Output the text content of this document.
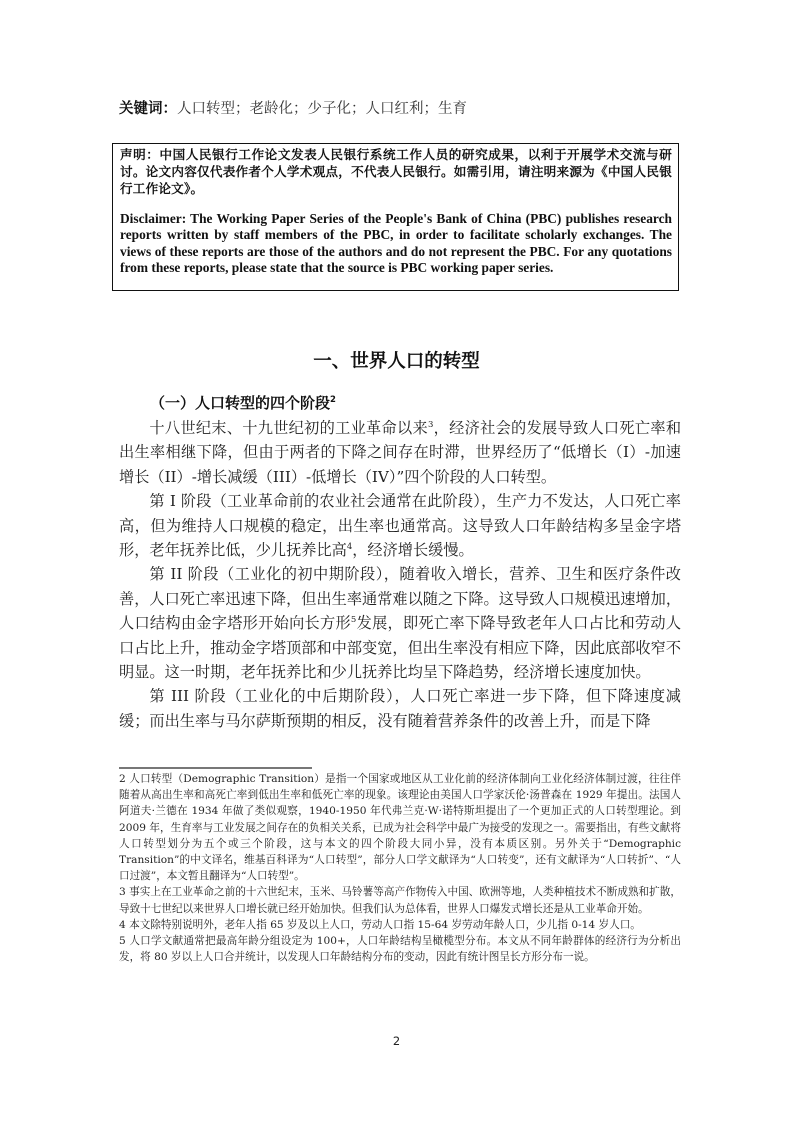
关键词：人口转型；老龄化；少子化；人口红利；生育
声明：中国人民银行工作论文发表人民银行系统工作人员的研究成果，以利于开展学术交流与研讨。论文内容仅代表作者个人学术观点，不代表人民银行。如需引用，请注明来源为《中国人民银行工作论文》。
Disclaimer: The Working Paper Series of the People's Bank of China (PBC) publishes research reports written by staff members of the PBC, in order to facilitate scholarly exchanges. The views of these reports are those of the authors and do not represent the PBC. For any quotations from these reports, please state that the source is PBC working paper series.
一、世界人口的转型
（一）人口转型的四个阶段$^2$

十八世纪末、十九世纪初的工业革命以来$^3$，经济社会的发展导致人口死亡率和出生率相继下降，但由于两者的下降之间存在时滞，世界经历了“低增长（I）-加速增长（II）-增长减缓（III）-低增长（IV）”四个阶段的人口转型。

第 I 阶段（工业革命前的农业社会通常在此阶段），生产力不发达，人口死亡率高，但为维持人口规模的稳定，出生率也通常高。这导致人口年龄结构多呈金字塔形，老年抚养比低，少儿抚养比高$^4$，经济增长缓慢。

第 II 阶段（工业化的初中期阶段），随着收入增长，营养、卫生和医疗条件改善，人口死亡率迅速下降，但出生率通常难以随之下降。这导致人口规模迅速增加，人口结构由金字塔形开始向长方形$^5$发展，即死亡率下降导致老年人口占比和劳动人口占比上升，推动金字塔顶部和中部变宽，但出生率没有相应下降，因此底部收窄不明显。这一时期，老年抚养比和少儿抚养比均呈下降趋势，经济增长速度加快。

第 III 阶段（工业化的中后期阶段），人口死亡率进一步下降，但下降速度减缓；而出生率与马尔萨斯预期的相反，没有随着营养条件的改善上升，而是下降

2 人口转型（Demographic Transition）是指一个国家或地区从工业化前的经济体制向工业化经济体制过渡，往往伴随着从高出生率和高死亡率到低出生率和低死亡率的现象。该理论由美国人口学家沃伦·汤普森在 1929 年提出。法国人阿道夫·兰德在 1934 年做了类似观察，1940-1950 年代弗兰克·W·诺特斯坦提出了一个更加正式的人口转型理论。到 2009 年，生育率与工业发展之间存在的负相关关系，已成为社会科学中最广为接受的发现之一。需要指出，有些文献将人口转型划分为五个或三个阶段，这与本文的四个阶段大同小异，没有本质区别。另外关于“Demographic Transition”的中文译名，维基百科译为“人口转型”，部分人口学文献译为“人口转变”，还有文献译为“人口转折”、“人口过渡”，本文暂且翻译为“人口转型”。

3 事实上在工业革命之前的十六世纪末，玉米、马铃薯等高产作物传入中国、欧洲等地，人类种植技术不断成熟和扩散，导致十七世纪以来世界人口增长就已经开始加快。但我们认为总体看，世界人口爆发式增长还是从工业革命开始。

4 本文除特别说明外，老年人指 65 岁及以上人口，劳动人口指 15-64 岁劳动年龄人口，少儿指 0-14 岁人口。

5 人口学文献通常把最高年龄分组设定为 100+，人口年龄结构呈橄榄型分布。本文从不同年龄群体的经济行为分析出发，将 80 岁以上人口合并统计，以发现人口年龄结构分布的变动，因此有统计图呈长方形分布一说。

2
